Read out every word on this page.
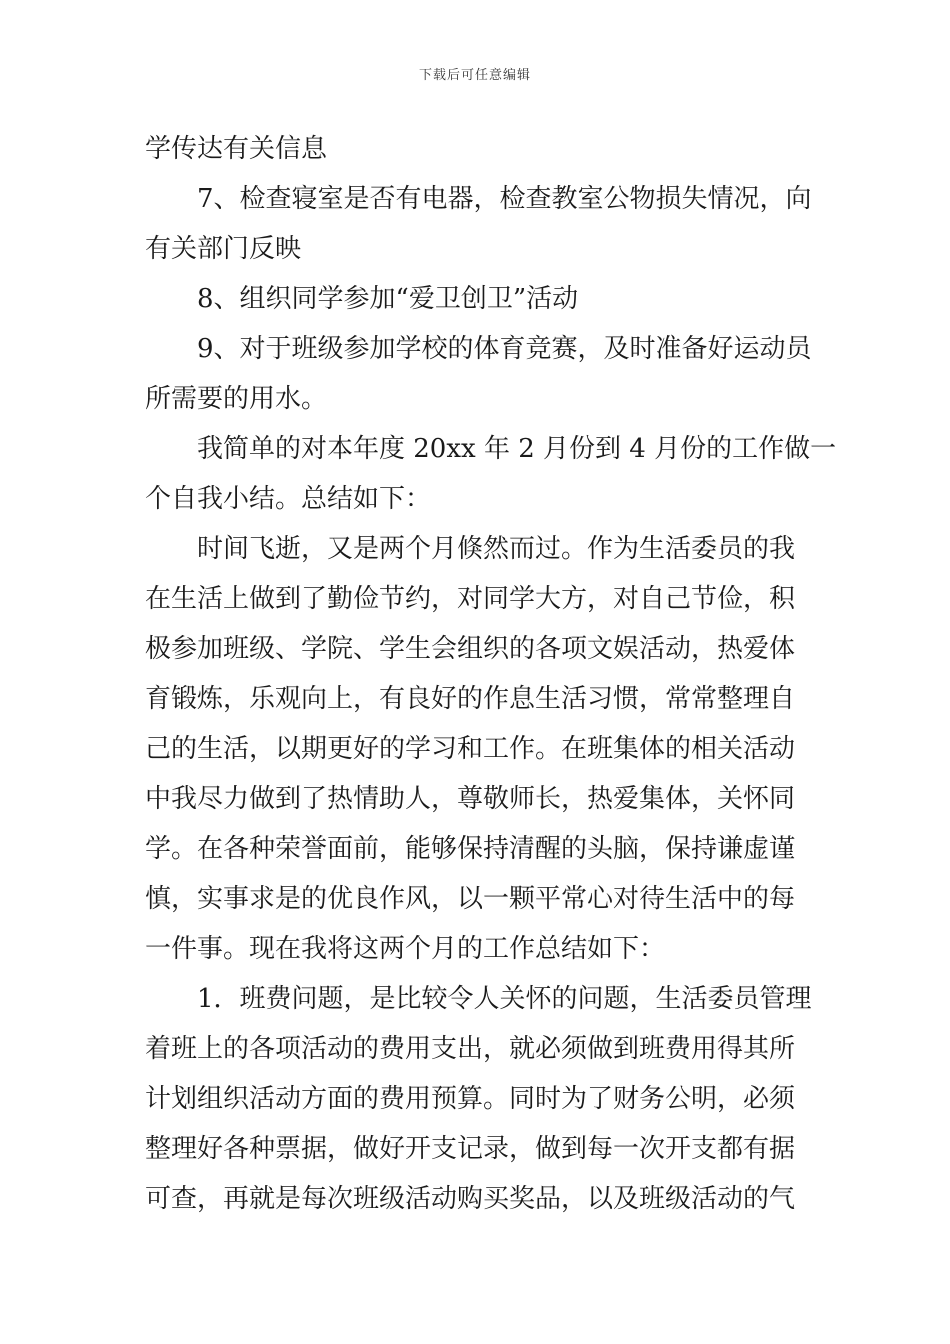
下载后可任意编辑
学传达有关信息
7、检查寝室是否有电器，检查教室公物损失情况，向
有关部门反映
8、组织同学参加“爱卫创卫”活动
9、对于班级参加学校的体育竞赛，及时准备好运动员
所需要的用水。
我简单的对本年度 20xx 年 2 月份到 4 月份的工作做一
个自我小结。总结如下：
时间飞逝，又是两个月倏然而过。作为生活委员的我
在生活上做到了勤俭节约，对同学大方，对自己节俭，积
极参加班级、学院、学生会组织的各项文娱活动，热爱体
育锻炼，乐观向上，有良好的作息生活习惯，常常整理自
己的生活，以期更好的学习和工作。在班集体的相关活动
中我尽力做到了热情助人，尊敬师长，热爱集体，关怀同
学。在各种荣誉面前，能够保持清醒的头脑，保持谦虚谨
慎，实事求是的优良作风，以一颗平常心对待生活中的每
一件事。现在我将这两个月的工作总结如下：
1．班费问题，是比较令人关怀的问题，生活委员管理
着班上的各项活动的费用支出，就必须做到班费用得其所
计划组织活动方面的费用预算。同时为了财务公明，必须
整理好各种票据，做好开支记录，做到每一次开支都有据
可查，再就是每次班级活动购买奖品，以及班级活动的气
